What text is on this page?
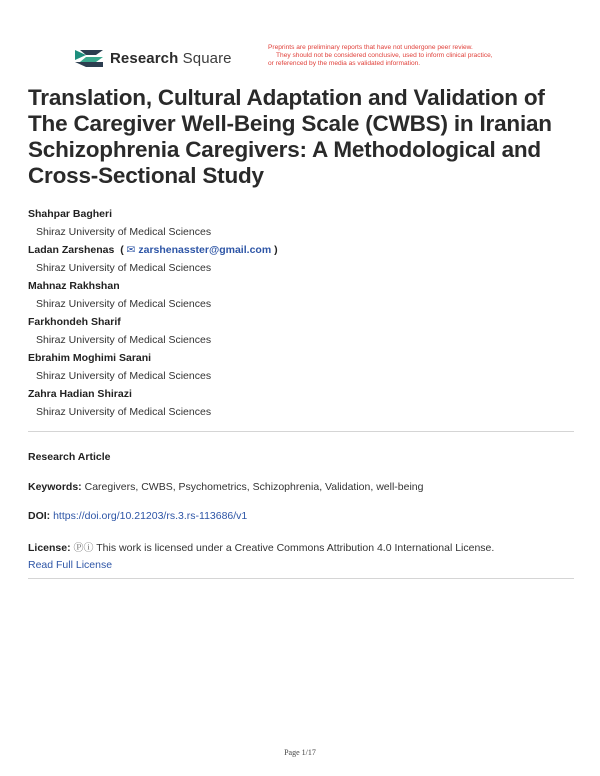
Research Square
Preprints are preliminary reports that have not undergone peer review.
They should not be considered conclusive, used to inform clinical practice,
or referenced by the media as validated information.
Translation, Cultural Adaptation and Validation of The Caregiver Well-Being Scale (CWBS) in Iranian Schizophrenia Caregivers: A Methodological and Cross-Sectional Study
Shahpar Bagheri
Shiraz University of Medical Sciences
Ladan Zarshenas  ( ✉ zarshenasster@gmail.com )
Shiraz University of Medical Sciences
Mahnaz Rakhshan
Shiraz University of Medical Sciences
Farkhondeh Sharif
Shiraz University of Medical Sciences
Ebrahim Moghimi Sarani
Shiraz University of Medical Sciences
Zahra Hadian Shirazi
Shiraz University of Medical Sciences
Research Article
Keywords: Caregivers, CWBS, Psychometrics, Schizophrenia, Validation, well-being
DOI: https://doi.org/10.21203/rs.3.rs-113686/v1
License: Ⓟⓘ This work is licensed under a Creative Commons Attribution 4.0 International License.
Read Full License
Page 1/17
